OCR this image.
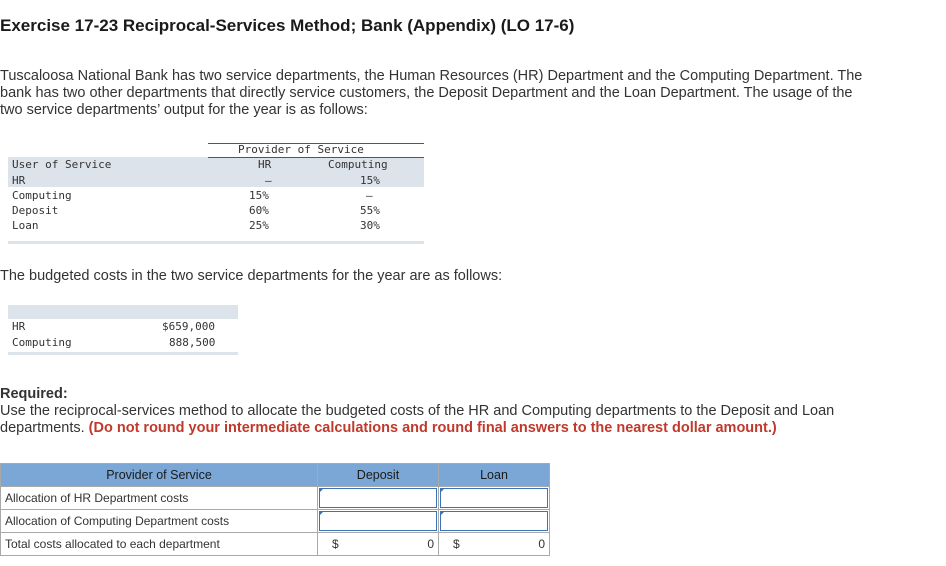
Exercise 17-23 Reciprocal-Services Method; Bank (Appendix) (LO 17-6)
Tuscaloosa National Bank has two service departments, the Human Resources (HR) Department and the Computing Department. The
bank has two other departments that directly service customers, the Deposit Department and the Loan Department. The usage of the
two service departments’ output for the year is as follows:
Provider of Service
User of Service	HR	Computing
HR	—	15%
Computing	15%	—
Deposit	60%	55%
Loan	25%	30%
The budgeted costs in the two service departments for the year are as follows:
HR	$659,000
Computing	888,500
Required:
Use the reciprocal-services method to allocate the budgeted costs of the HR and Computing departments to the Deposit and Loan
departments. (Do not round your intermediate calculations and round final answers to the nearest dollar amount.)
Provider of Service	Deposit	Loan
Allocation of HR Department costs	

Allocation of Computing Department costs	

Total costs allocated to each department	$ 0	$ 0
